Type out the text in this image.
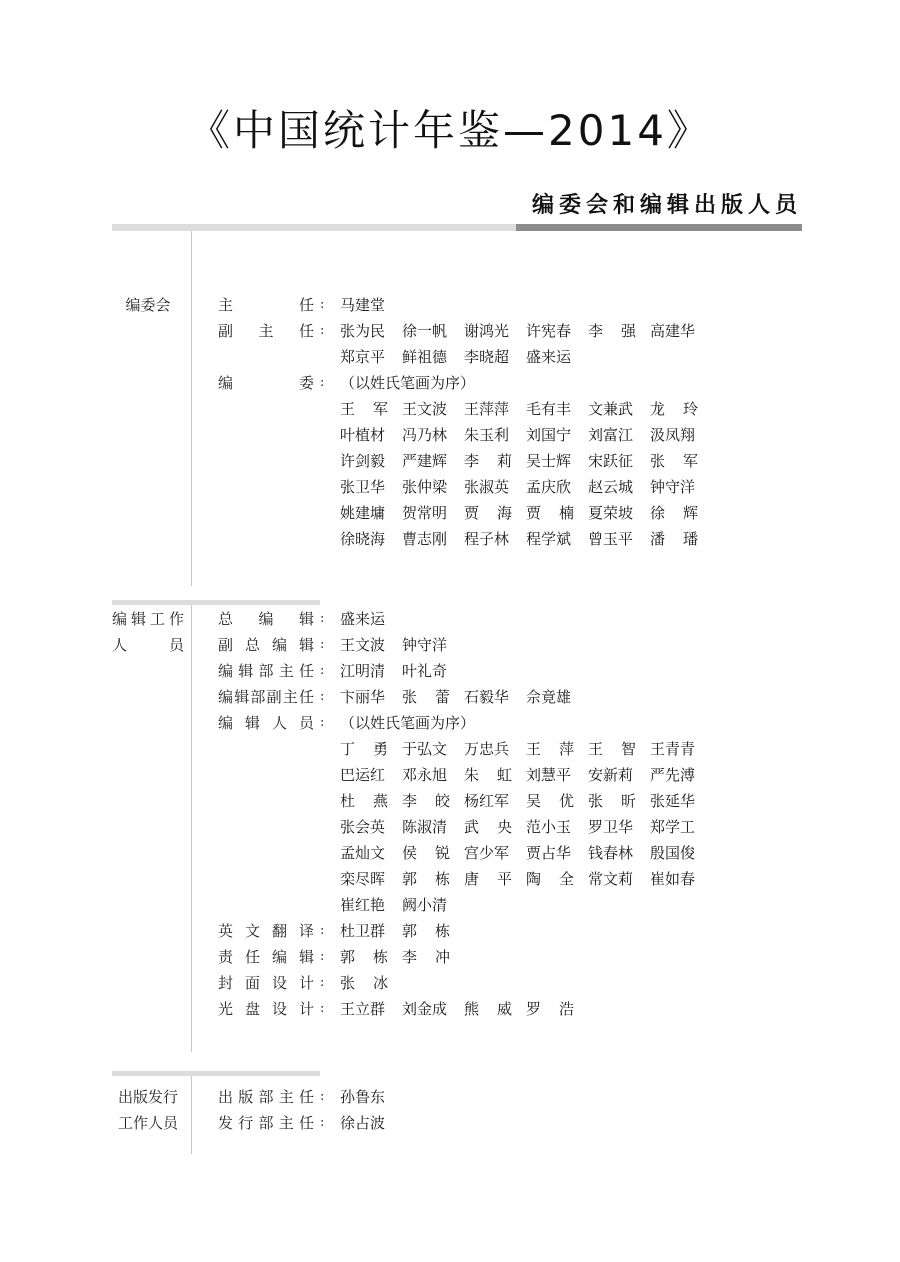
《中国统计年鉴—2014》
编委会和编辑出版人员
编委会	主任 : 马建堂
副主任 : 张为民 徐一帆 谢鸿光 许宪春 李强 高建华
郑京平 鲜祖德 李晓超 盛来运
编委 : （以姓氏笔画为序）
王军 王文波 王萍萍 毛有丰 文兼武 龙玲
叶植材 冯乃林 朱玉利 刘国宁 刘富江 汲凤翔
许剑毅 严建辉 李莉 吴士辉 宋跃征 张军
张卫华 张仲梁 张淑英 孟庆欣 赵云城 钟守洋
姚建墉 贺常明 贾海 贾楠 夏荣坡 徐辉
徐晓海 曹志刚 程子林 程学斌 曾玉平 潘璠
编辑工作
人员
总编辑 : 盛来运
副总编辑 : 王文波 钟守洋
编辑部主任 : 江明清 叶礼奇
编辑部副主任 : 卞丽华 张蕾 石毅华 佘竟雄
编辑人员 : （以姓氏笔画为序）
丁勇 于弘文 万忠兵 王萍 王智 王青青
巴运红 邓永旭 朱虹 刘慧平 安新莉 严先溥
杜燕 李皎 杨红军 吴优 张昕 张延华
张会英 陈淑清 武央 范小玉 罗卫华 郑学工
孟灿文 侯锐 宫少军 贾占华 钱春林 殷国俊
栾尽晖 郭栋 唐平 陶全 常文莉 崔如春
崔红艳 阙小清
英文翻译 : 杜卫群 郭栋
责任编辑 : 郭栋 李冲
封面设计 : 张冰
光盘设计 : 王立群 刘金成 熊威 罗浩
出版发行
工作人员
出版部主任 : 孙鲁东
发行部主任 : 徐占波
